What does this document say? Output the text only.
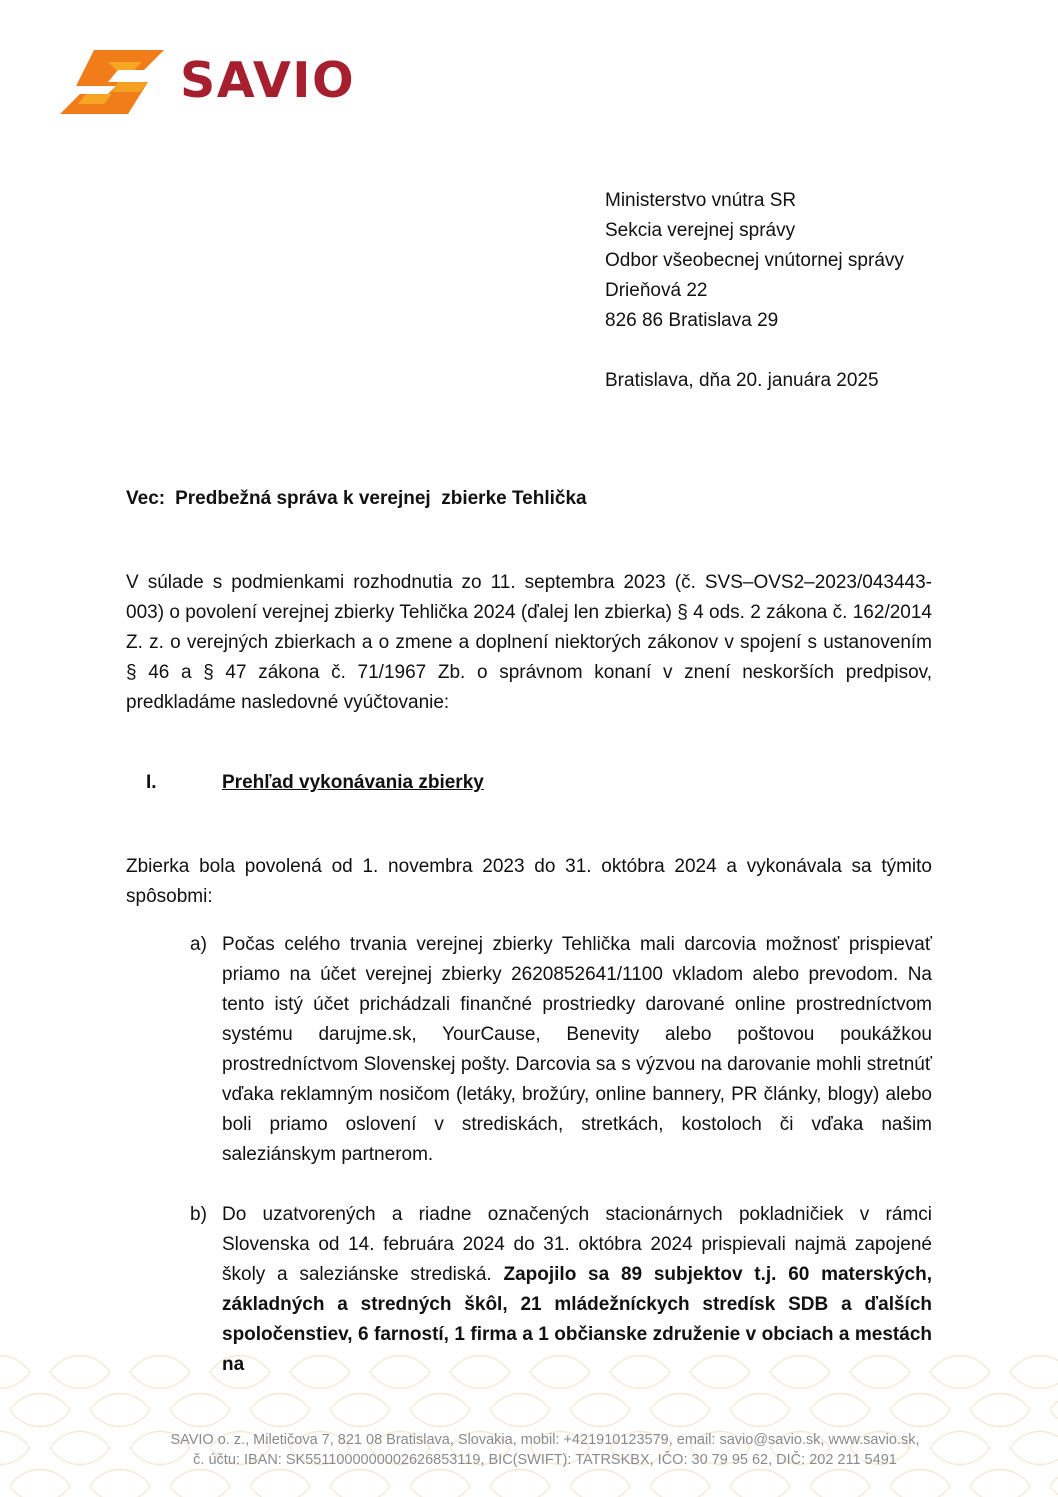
SAVIO
Ministerstvo vnútra SR
Sekcia verejnej správy
Odbor všeobecnej vnútornej správy
Drieňová 22
826 86 Bratislava 29
Bratislava, dňa 20. januára 2025
Vec: Predbežná správa k verejnej  zbierke Tehlička
V súlade s podmienkami rozhodnutia zo 11. septembra 2023 (č. SVS–OVS2–2023/043443-003) o povolení verejnej zbierky Tehlička 2024 (ďalej len zbierka) § 4 ods. 2 zákona č. 162/2014 Z. z. o verejných zbierkach a o zmene a doplnení niektorých zákonov v spojení s ustanovením § 46 a § 47 zákona č. 71/1967 Zb. o správnom konaní v znení neskorších predpisov, predkladáme nasledovné vyúčtovanie:
I.	Prehľad vykonávania zbierky
Zbierka bola povolená od 1. novembra 2023 do 31. októbra 2024 a vykonávala sa týmito spôsobmi:
a) Počas celého trvania verejnej zbierky Tehlička mali darcovia možnosť prispievať priamo na účet verejnej zbierky 2620852641/1100 vkladom alebo prevodom. Na tento istý účet prichádzali finančné prostriedky darované online prostredníctvom systému darujme.sk, YourCause, Benevity alebo poštovou poukážkou prostredníctvom Slovenskej pošty. Darcovia sa s výzvou na darovanie mohli stretnúť vďaka reklamným nosičom (letáky, brožúry, online bannery, PR články, blogy) alebo boli priamo oslovení v strediskách, stretkách, kostoloch či vďaka našim saleziánskym partnerom.
b) Do uzatvorených a riadne označených stacionárnych pokladničiek v rámci Slovenska od 14. februára 2024 do 31. októbra 2024 prispievali najmä zapojené školy a saleziánske strediská. Zapojilo sa 89 subjektov t.j. 60 materských, základných a stredných škôl, 21 mládežníckych stredísk SDB a ďalších spoločenstiev, 6 farností, 1 firma a 1 občianske združenie v obciach a mestách na
SAVIO o. z., Miletičova 7, 821 08 Bratislava, Slovakia, mobil: +421910123579, email: savio@savio.sk, www.savio.sk,
č. účtu: IBAN: SK5511000000002626853119, BIC(SWIFT): TATRSKBX, IČO: 30 79 95 62, DIČ: 202 211 5491
